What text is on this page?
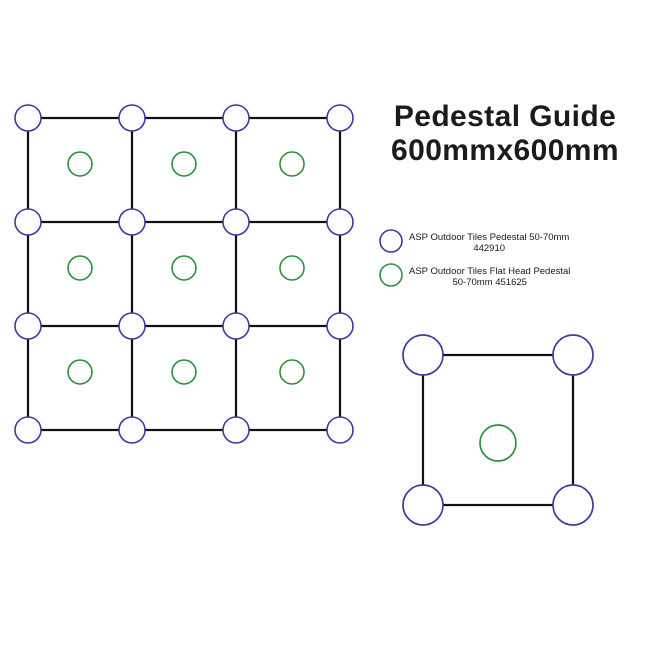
Pedestal Guide
600mmx600mm
ASP Outdoor Tiles Pedestal 50-70mm
442910
ASP Outdoor Tiles Flat Head Pedestal
50-70mm 451625
